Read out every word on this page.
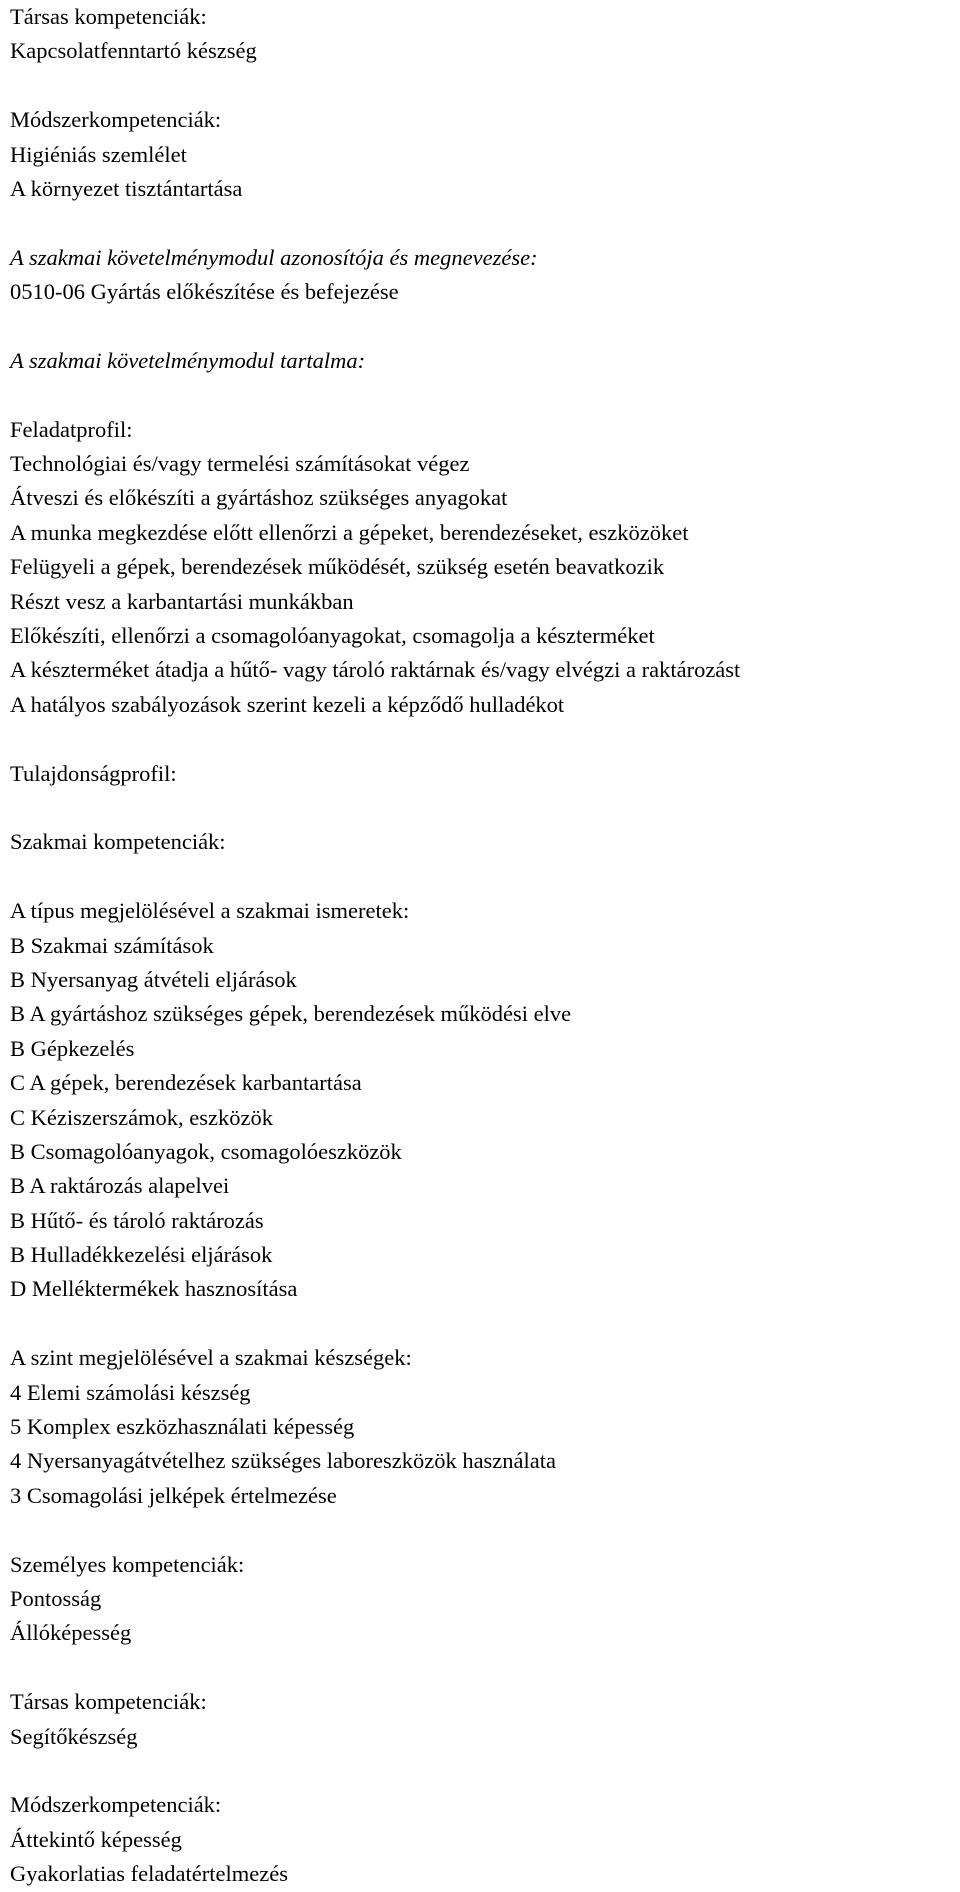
Társas kompetenciák:
Kapcsolatfenntartó készség
Módszerkompetenciák:
Higiéniás szemlélet
A környezet tisztántartása
A szakmai követelménymodul azonosítója és megnevezése:
0510-06 Gyártás előkészítése és befejezése
A szakmai követelménymodul tartalma:
Feladatprofil:
Technológiai és/vagy termelési számításokat végez
Átveszi és előkészíti a gyártáshoz szükséges anyagokat
A munka megkezdése előtt ellenőrzi a gépeket, berendezéseket, eszközöket
Felügyeli a gépek, berendezések működését, szükség esetén beavatkozik
Részt vesz a karbantartási munkákban
Előkészíti, ellenőrzi a csomagolóanyagokat, csomagolja a készterméket
A készterméket átadja a hűtő- vagy tároló raktárnak és/vagy elvégzi a raktározást
A hatályos szabályozások szerint kezeli a képződő hulladékot
Tulajdonságprofil:
Szakmai kompetenciák:
A típus megjelölésével a szakmai ismeretek:
B Szakmai számítások
B Nyersanyag átvételi eljárások
B A gyártáshoz szükséges gépek, berendezések működési elve
B Gépkezelés
C A gépek, berendezések karbantartása
C Kéziszerszámok, eszközök
B Csomagolóanyagok, csomagolóeszközök
B A raktározás alapelvei
B Hűtő- és tároló raktározás
B Hulladékkezelési eljárások
D Melléktermékek hasznosítása
A szint megjelölésével a szakmai készségek:
4 Elemi számolási készség
5 Komplex eszközhasználati képesség
4 Nyersanyagátvételhez szükséges laboreszközök használata
3 Csomagolási jelképek értelmezése
Személyes kompetenciák:
Pontosság
Állóképesség
Társas kompetenciák:
Segítőkészség
Módszerkompetenciák:
Áttekintő képesség
Gyakorlatias feladatértelmezés
